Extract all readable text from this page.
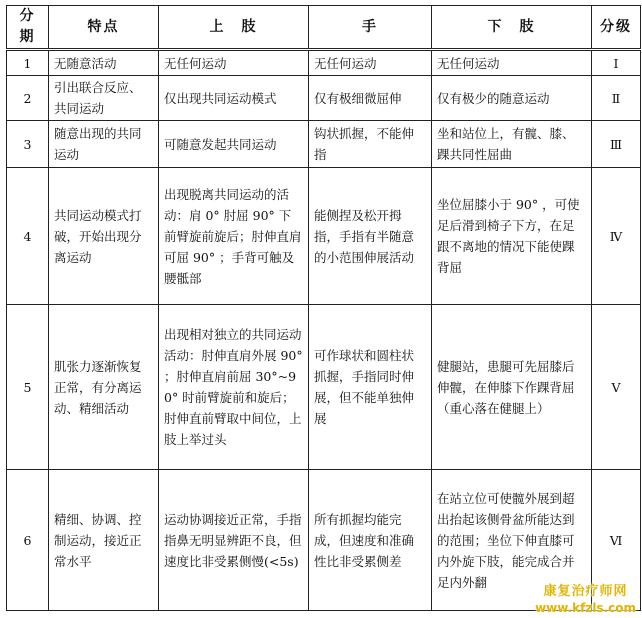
分期	特点	上　肢	手	下　肢	分级
1	无随意活动	无任何运动	无任何运动	无任何运动	Ⅰ
2	引出联合反应、共同运动	仅出现共同运动模式	仅有极细微屈伸	仅有极少的随意运动	Ⅱ
3	随意出现的共同运动	可随意发起共同运动	钩状抓握，不能伸指	坐和站位上，有髋、膝、踝共同性屈曲	Ⅲ
4	共同运动模式打破，开始出现分离运动	出现脱离共同运动的活动：肩 0° 肘屈 90° 下前臂旋前旋后；肘伸直肩可屈 90° ；手背可触及腰骶部	能侧捏及松开拇指，手指有半随意的小范围伸展活动	坐位屈膝小于 90° ，可使足后滑到椅子下方，在足跟不离地的情况下能使踝背屈	Ⅳ
5	肌张力逐渐恢复正常，有分离运动、精细活动	出现相对独立的共同运动活动：肘伸直肩外展 90° ；肘伸直肩前屈 30°~90° 时前臂旋前和旋后；肘伸直前臂取中间位，上肢上举过头	可作球状和圆柱状抓握，手指同时伸展，但不能单独伸展	健腿站，患腿可先屈膝后伸髋，在伸膝下作踝背屈（重心落在健腿上）	Ⅴ
6	精细、协调、控制运动，接近正常水平	运动协调接近正常，手指指鼻无明显辨距不良，但速度比非受累侧慢(<5s)	所有抓握均能完成，但速度和准确性比非受累侧差	在站立位可使髋外展到超出抬起该侧骨盆所能达到的范围；坐位下伸直膝可内外旋下肢，能完成合并足内外翻	Ⅵ
康复治疗师网
www.kfzls.com
